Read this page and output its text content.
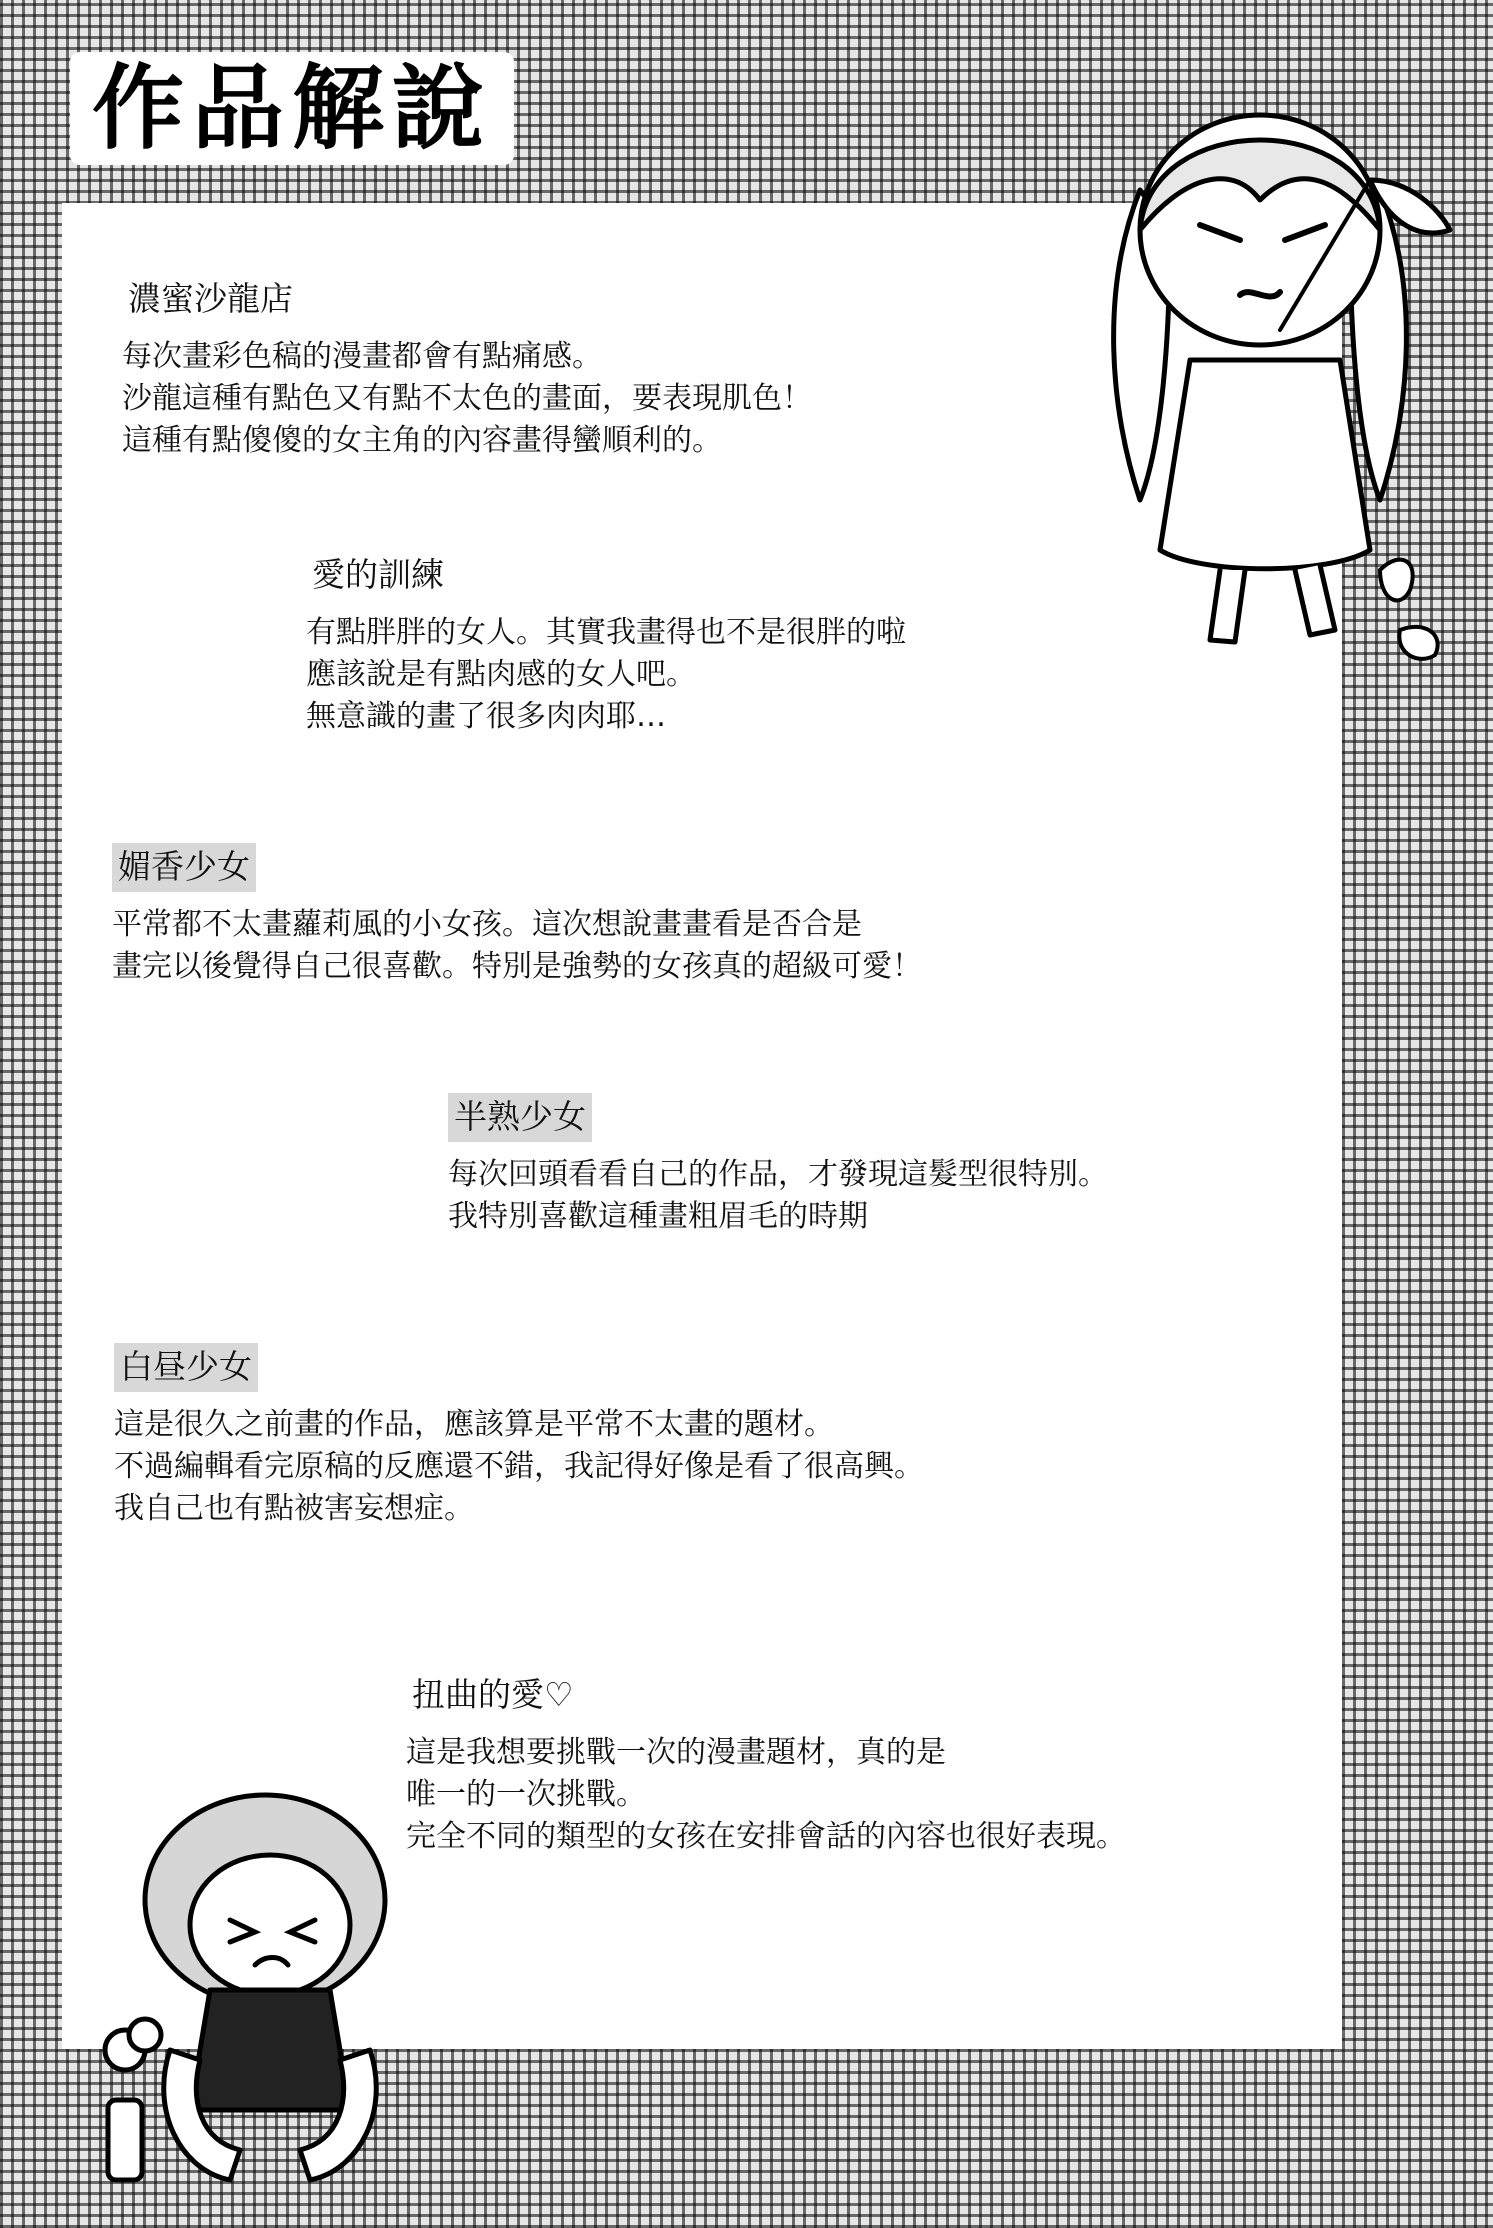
作品解說
濃蜜沙龍店
每次畫彩色稿的漫畫都會有點痛感。
沙龍這種有點色又有點不太色的畫面，要表現肌色！
這種有點傻傻的女主角的內容畫得蠻順利的。
愛的訓練
有點胖胖的女人。其實我畫得也不是很胖的啦
應該說是有點肉感的女人吧。
無意識的畫了很多肉肉耶…
媚香少女
平常都不太畫蘿莉風的小女孩。這次想說畫畫看是否合是
畫完以後覺得自己很喜歡。特別是強勢的女孩真的超級可愛！
半熟少女
每次回頭看看自己的作品，才發現這髮型很特別。
我特別喜歡這種畫粗眉毛的時期
白昼少女
這是很久之前畫的作品，應該算是平常不太畫的題材。
不過編輯看完原稿的反應還不錯，我記得好像是看了很高興。
我自己也有點被害妄想症。
扭曲的愛♡
這是我想要挑戰一次的漫畫題材，真的是
唯一的一次挑戰。
完全不同的類型的女孩在安排會話的內容也很好表現。
